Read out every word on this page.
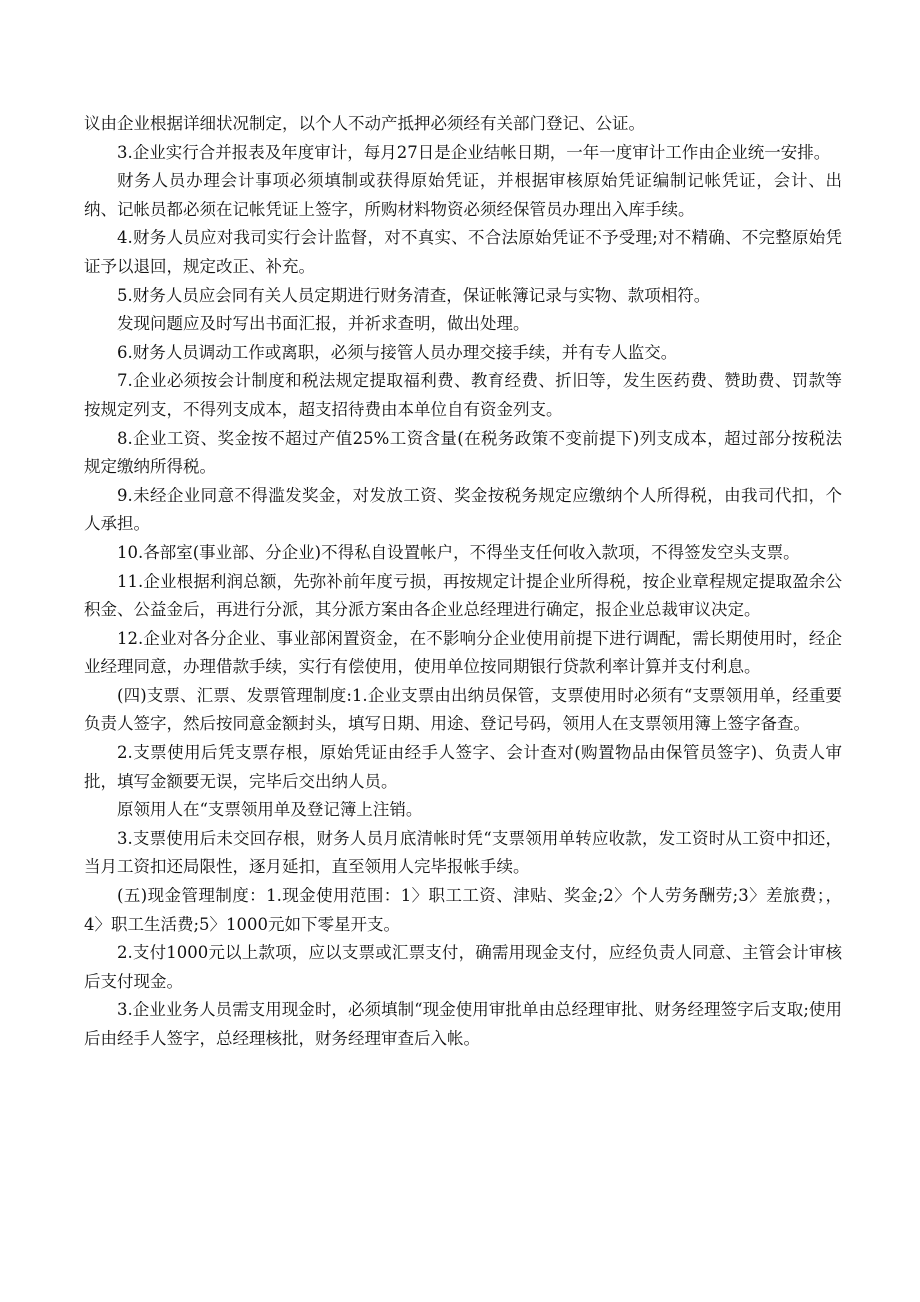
议由企业根据详细状况制定，以个人不动产抵押必须经有关部门登记、公证。

3.企业实行合并报表及年度审计，每月27日是企业结帐日期，一年一度审计工作由企业统一安排。

财务人员办理会计事项必须填制或获得原始凭证，并根据审核原始凭证编制记帐凭证，会计、出纳、记帐员都必须在记帐凭证上签字，所购材料物资必须经保管员办理出入库手续。

4.财务人员应对我司实行会计监督，对不真实、不合法原始凭证不予受理;对不精确、不完整原始凭证予以退回，规定改正、补充。

5.财务人员应会同有关人员定期进行财务清查，保证帐簿记录与实物、款项相符。

发现问题应及时写出书面汇报，并祈求查明，做出处理。

6.财务人员调动工作或离职，必须与接管人员办理交接手续，并有专人监交。

7.企业必须按会计制度和税法规定提取福利费、教育经费、折旧等，发生医药费、赞助费、罚款等按规定列支，不得列支成本，超支招待费由本单位自有资金列支。

8.企业工资、奖金按不超过产值25%工资含量(在税务政策不变前提下)列支成本，超过部分按税法规定缴纳所得税。

9.未经企业同意不得滥发奖金，对发放工资、奖金按税务规定应缴纳个人所得税，由我司代扣，个人承担。

10.各部室(事业部、分企业)不得私自设置帐户，不得坐支任何收入款项，不得签发空头支票。

11.企业根据利润总额，先弥补前年度亏损，再按规定计提企业所得税，按企业章程规定提取盈余公积金、公益金后，再进行分派，其分派方案由各企业总经理进行确定，报企业总裁审议决定。

12.企业对各分企业、事业部闲置资金，在不影响分企业使用前提下进行调配，需长期使用时，经企业经理同意，办理借款手续，实行有偿使用，使用单位按同期银行贷款利率计算并支付利息。

(四)支票、汇票、发票管理制度:1.企业支票由出纳员保管，支票使用时必须有“支票领用单，经重要负责人签字，然后按同意金额封头，填写日期、用途、登记号码，领用人在支票领用簿上签字备查。

2.支票使用后凭支票存根，原始凭证由经手人签字、会计查对(购置物品由保管员签字)、负责人审批，填写金额要无误，完毕后交出纳人员。

原领用人在“支票领用单及登记簿上注销。

3.支票使用后未交回存根，财务人员月底清帐时凭“支票领用单转应收款，发工资时从工资中扣还，当月工资扣还局限性，逐月延扣，直至领用人完毕报帐手续。

(五)现金管理制度：1.现金使用范围：1〉职工工资、津贴、奖金;2〉个人劳务酬劳;3〉差旅费；，4〉职工生活费;5〉1000元如下零星开支。

2.支付1000元以上款项，应以支票或汇票支付，确需用现金支付，应经负责人同意、主管会计审核后支付现金。

3.企业业务人员需支用现金时，必须填制“现金使用审批单由总经理审批、财务经理签字后支取;使用后由经手人签字，总经理核批，财务经理审查后入帐。
